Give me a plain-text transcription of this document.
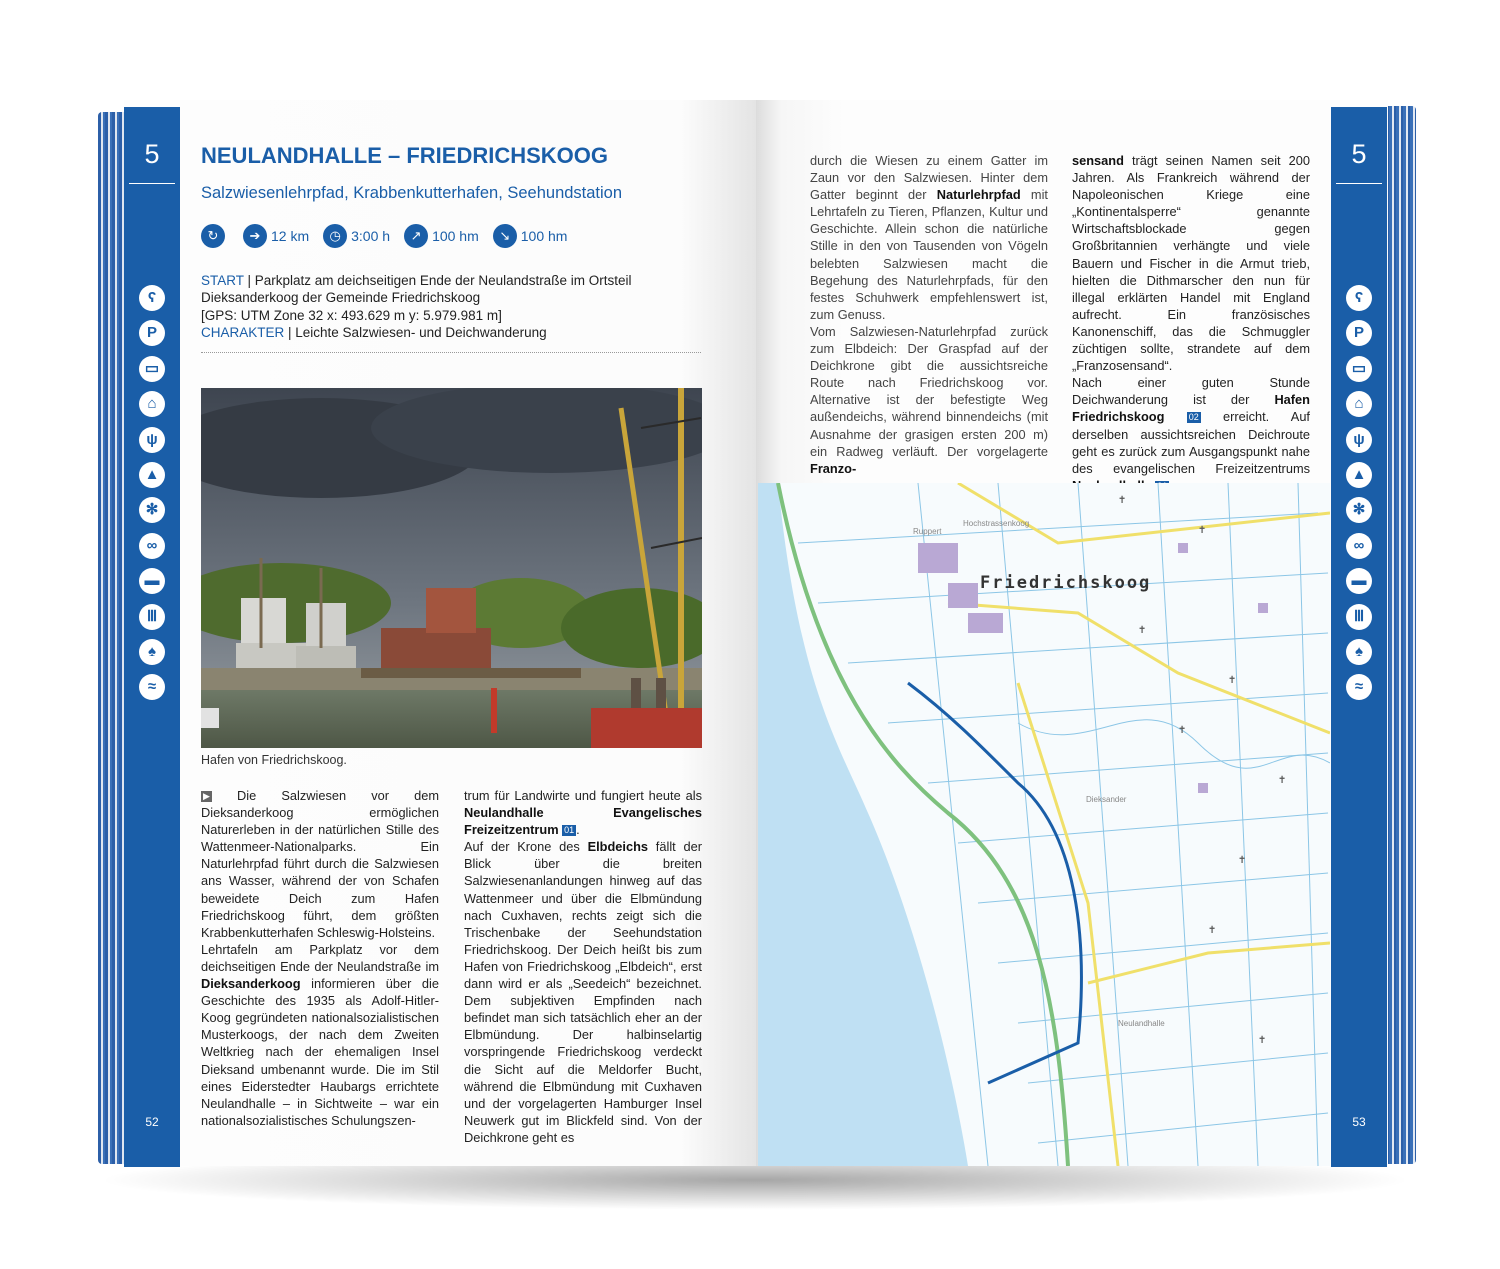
5
ʕ
P
▭
⌂
ψ
▲
✻
∞
▬
Ⅲ
♠
≈
52
5
ʕ
P
▭
⌂
ψ
▲
✻
∞
▬
Ⅲ
♠
≈
53
NEULANDHALLE – FRIEDRICHSKOOG
Salzwiesenlehrpfad, Krabbenkutterhafen, Seehundstation
↻	➔ 12 km	◷ 3:00 h	↗ 100 hm	↘ 100 hm
START | Parkplatz am deichseitigen Ende der Neulandstraße im Ortsteil
Dieksanderkoog der Gemeinde Friedrichskoog
[GPS: UTM Zone 32 x: 493.629 m y: 5.979.981 m]
CHARAKTER | Leichte Salzwiesen- und Deichwanderung
Hafen von Friedrichskoog.

▶ Die Salzwiesen vor dem Dieksanderkoog ermöglichen Naturerleben in der natürlichen Stille des Wattenmeer-Nationalparks. Ein Naturlehrpfad führt durch die Salzwiesen ans Wasser, während der von Schafen beweidete Deich zum Hafen Friedrichskoog führt, dem größten Krabbenkutterhafen Schleswig-Holsteins.

Lehrtafeln am Parkplatz vor dem deichseitigen Ende der Neulandstraße im Dieksanderkoog informieren über die Geschichte des 1935 als Adolf-Hitler-Koog gegründeten nationalsozialistischen Musterkoogs, der nach dem Zweiten Weltkrieg nach der ehemaligen Insel Dieksand umbenannt wurde. Die im Stil eines Eiderstedter Haubargs errichtete Neulandhalle – in Sichtweite – war ein nationalsozialistisches Schulungszen-

trum für Landwirte und fungiert heute als Neulandhalle Evangelisches Freizeitzentrum 01 .

Auf der Krone des Elbdeichs fällt der Blick über die breiten Salzwiesenanlandungen hinweg auf das Wattenmeer und über die Elbmündung nach Cuxhaven, rechts zeigt sich die Trischenbake der Seehundstation Friedrichskoog. Der Deich heißt bis zum Hafen von Friedrichskoog „Elbdeich“, erst dann wird er als „Seedeich“ bezeichnet. Dem subjektiven Empfinden nach befindet man sich tatsächlich eher an der Elbmündung. Der halbinselartig vorspringende Friedrichskoog verdeckt die Sicht auf die Meldorfer Bucht, während die Elbmündung mit Cuxhaven und der vorgelagerten Hamburger Insel Neuwerk gut im Blickfeld sind. Von der Deichkrone geht es

durch die Wiesen zu einem Gatter im Zaun vor den Salzwiesen. Hinter dem Gatter beginnt der Naturlehrpfad mit Lehrtafeln zu Tieren, Pflanzen, Kultur und Geschichte. Allein schon die natürliche Stille in den von Tausenden von Vögeln belebten Salzwiesen macht die Begehung des Naturlehrpfads, für den festes Schuhwerk empfehlenswert ist, zum Genuss.

Vom Salzwiesen-Naturlehrpfad zurück zum Elbdeich: Der Graspfad auf der Deichkrone gibt die aussichtsreiche Route nach Friedrichskoog vor. Alternative ist der befestigte Weg außendeichs, während binnendeichs (mit Ausnahme der grasigen ersten 200 m) ein Radweg verläuft. Der vorgelagerte Franzo-

sensand trägt seinen Namen seit 200 Jahren. Als Frankreich während der Napoleonischen Kriege eine „Kontinentalsperre“ genannte Wirtschaftsblockade gegen Großbritannien verhängte und viele Bauern und Fischer in die Armut trieb, hielten die Dithmarscher den nun für illegal erklärten Handel mit England aufrecht. Ein französisches Kanonenschiff, das die Schmuggler züchtigen sollte, strandete auf dem „Franzosensand“.

Nach einer guten Stunde Deichwanderung ist der Hafen Friedrichskoog	02 erreicht. Auf derselben aussichtsreichen Deichroute geht es zurück zum Ausgangspunkt nahe des evangelischen Freizeitzentrums

✝
✝
✝
✝
✝
✝
✝
✝
✝
Friedrichskoog
Hochstrassenkoog
Ruppert
Dieksander
Neulandhalle
